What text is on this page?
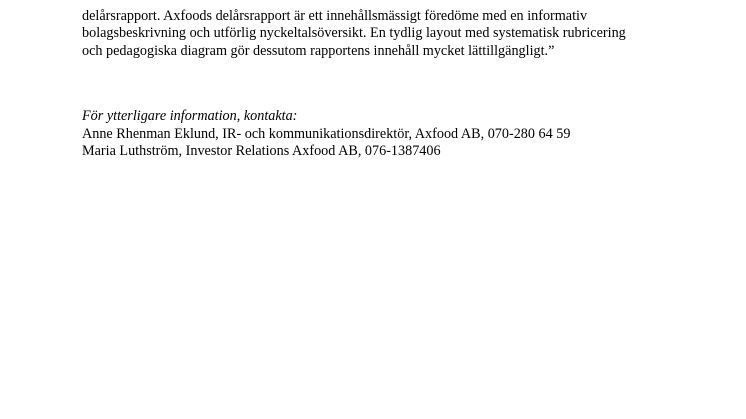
delårsrapport. Axfoods delårsrapport är ett innehållsmässigt föredöme med en informativ
bolagsbeskrivning och utförlig nyckeltalsöversikt. En tydlig layout med systematisk rubricering
och pedagogiska diagram gör dessutom rapportens innehåll mycket lättillgängligt.”
För ytterligare information, kontakta:
Anne Rhenman Eklund, IR- och kommunikationsdirektör, Axfood AB, 070-280 64 59
Maria Luthström, Investor Relations Axfood AB, 076-1387406
